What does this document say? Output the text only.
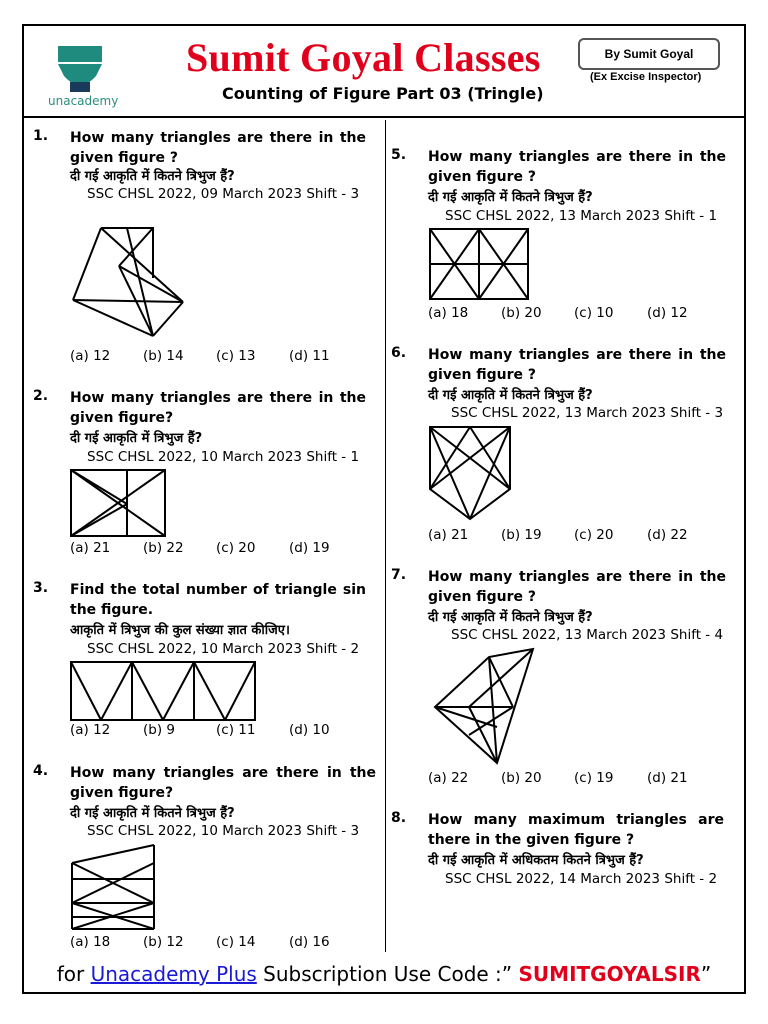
unacademy
Sumit Goyal Classes	By Sumit Goyal
(Ex Excise Inspector)
Counting of Figure Part 03 (Tringle)
1. How many triangles are there in the given figure ?
दी गई आकृति में कितने त्रिभुज हैं?
SSC CHSL 2022, 09 March 2023 Shift - 3
(a) 12 (b) 14 (c) 13 (d) 11
2. How many triangles are there in the given figure?
दी गई आकृति में त्रिभुज हैं?
SSC CHSL 2022, 10 March 2023 Shift - 1
(a) 21 (b) 22 (c) 20 (d) 19
3. Find the total number of triangle sin the figure.
आकृति में त्रिभुज की कुल संख्या ज्ञात कीजिए।
SSC CHSL 2022, 10 March 2023 Shift - 2
(a) 12 (b) 9	(c) 11 (d) 10
4. How many triangles are there in the given figure?
दी गई आकृति में कितने त्रिभुज हैं?
SSC CHSL 2022, 10 March 2023 Shift - 3
(a) 18 (b) 12 (c) 14 (d) 16
5. How many triangles are there in the given figure ?
दी गई आकृति में कितने त्रिभुज हैं?
SSC CHSL 2022, 13 March 2023 Shift - 1
(a) 18 (b) 20 (c) 10 (d) 12
6. How many triangles are there in the given figure ?
दी गई आकृति में कितने त्रिभुज हैं?
SSC CHSL 2022, 13 March 2023 Shift - 3
(a) 21 (b) 19 (c) 20 (d) 22
7. How many triangles are there in the given figure ?
दी गई आकृति में कितने त्रिभुज हैं?
SSC CHSL 2022, 13 March 2023 Shift - 4
(a) 22 (b) 20 (c) 19 (d) 21
8. How many maximum triangles are there in the given figure ?
दी गई आकृति में अधिकतम कितने त्रिभुज हैं?
SSC CHSL 2022, 14 March 2023 Shift - 2
for Unacademy Plus Subscription Use Code :” SUMITGOYALSIR”
